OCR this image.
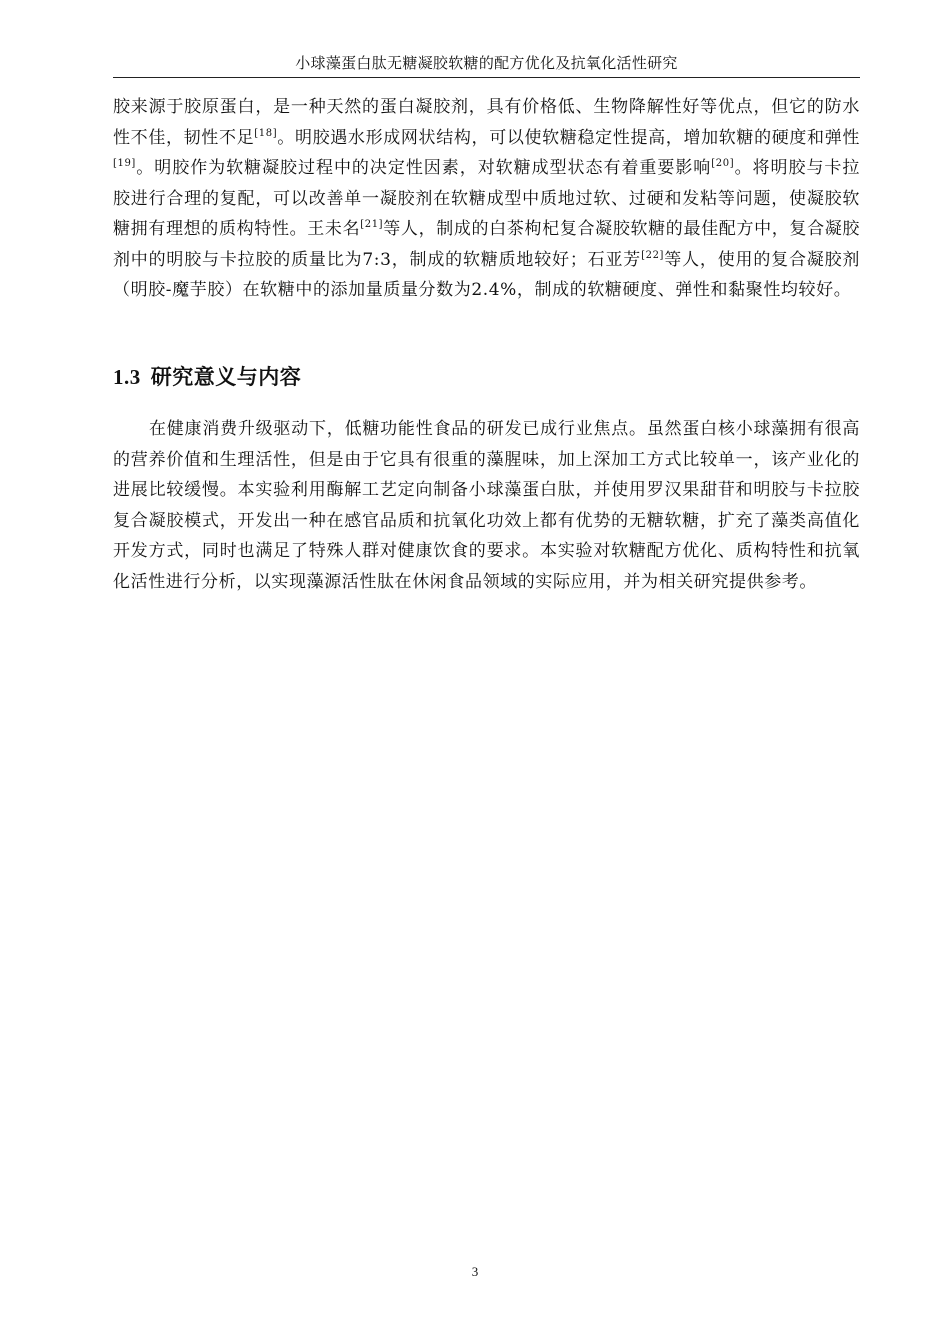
小球藻蛋白肽无糖凝胶软糖的配方优化及抗氧化活性研究

胶来源于胶原蛋白，是一种天然的蛋白凝胶剂，具有价格低、生物降解性好等优点，但它的防水性不佳，韧性不足[18]。明胶遇水形成网状结构，可以使软糖稳定性提高，增加软糖的硬度和弹性[19]。明胶作为软糖凝胶过程中的决定性因素，对软糖成型状态有着重要影响[20]。将明胶与卡拉胶进行合理的复配，可以改善单一凝胶剂在软糖成型中质地过软、过硬和发粘等问题，使凝胶软糖拥有理想的质构特性。王未名[21]等人，制成的白茶枸杞复合凝胶软糖的最佳配方中，复合凝胶剂中的明胶与卡拉胶的质量比为7:3，制成的软糖质地较好；石亚芳[22]等人，使用的复合凝胶剂（明胶-魔芋胶）在软糖中的添加量质量分数为2.4%，制成的软糖硬度、弹性和黏聚性均较好。

1.3 研究意义与内容

在健康消费升级驱动下，低糖功能性食品的研发已成行业焦点。虽然蛋白核小球藻拥有很高的营养价值和生理活性，但是由于它具有很重的藻腥味，加上深加工方式比较单一，该产业化的进展比较缓慢。本实验利用酶解工艺定向制备小球藻蛋白肽，并使用罗汉果甜苷和明胶与卡拉胶复合凝胶模式，开发出一种在感官品质和抗氧化功效上都有优势的无糖软糖，扩充了藻类高值化开发方式，同时也满足了特殊人群对健康饮食的要求。本实验对软糖配方优化、质构特性和抗氧化活性进行分析，以实现藻源活性肽在休闲食品领域的实际应用，并为相关研究提供参考。

3
